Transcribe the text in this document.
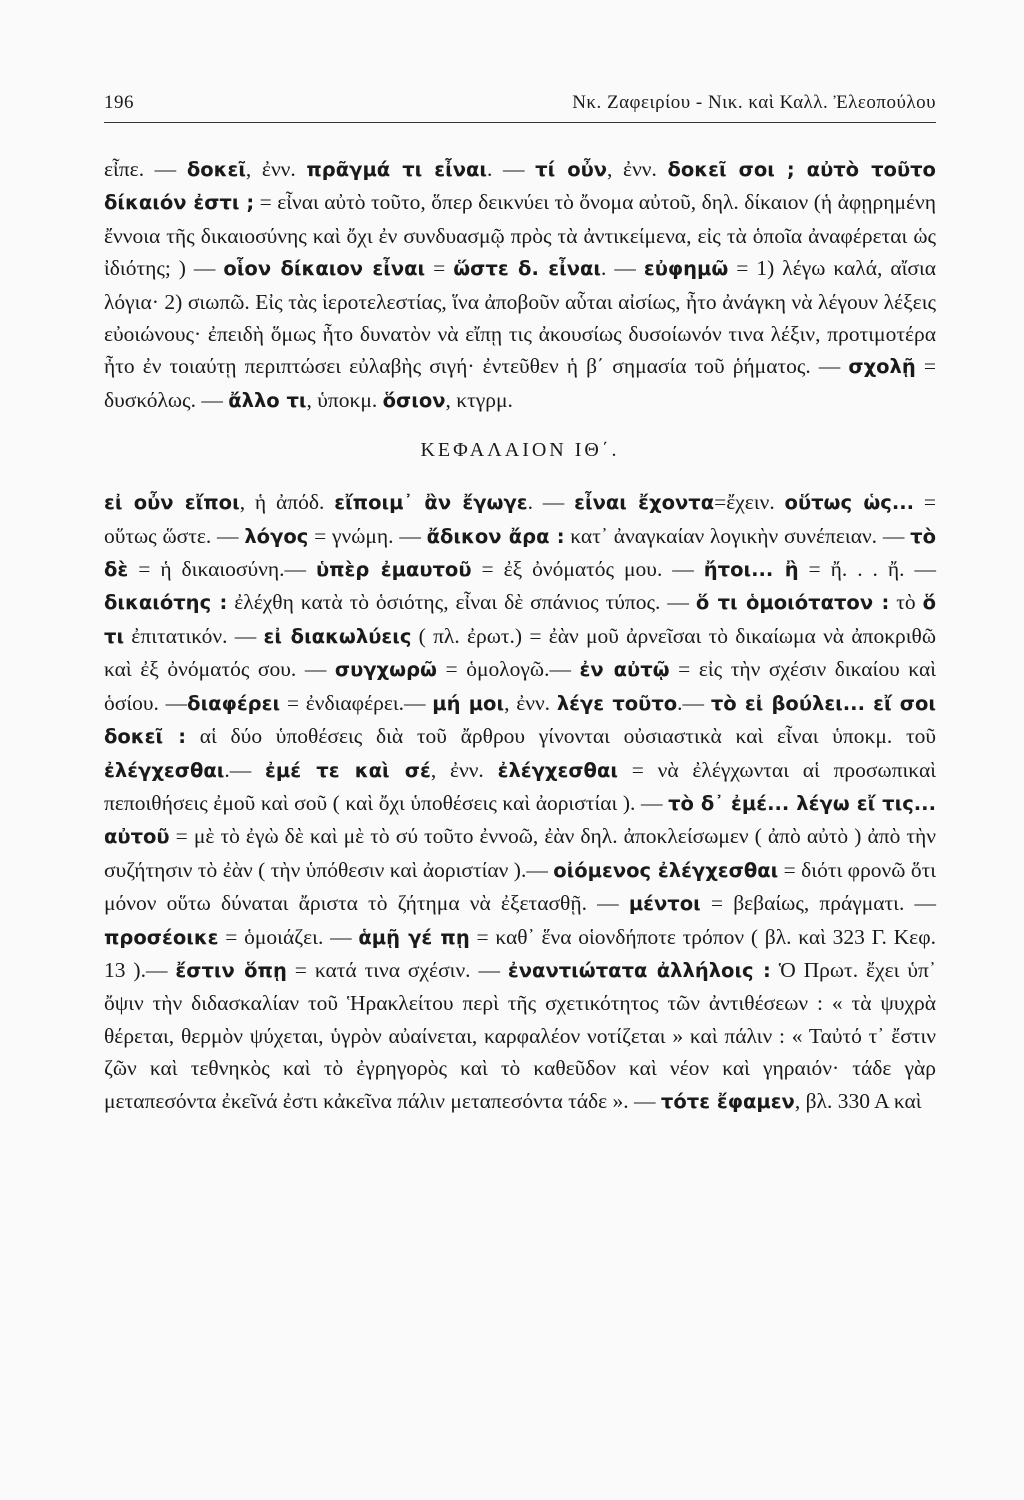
196	Νκ. Ζαφειρίου - Νικ. καὶ Καλλ. Ἐλεοπούλου

εἶπε. — δοκεῖ, ἐνν. πρᾶγμά τι εἶναι. — τί οὖν, ἐνν. δοκεῖ σοι ; αὐτὸ τοῦτο δίκαιόν ἐστι ; = εἶναι αὐτὸ τοῦτο, ὅπερ δεικνύει τὸ ὄνομα αὐτοῦ, δηλ. δίκαιον (ἡ ἀφῃρημένη ἔννοια τῆς δικαιοσύνης καὶ ὄχι ἐν συνδυασμῷ πρὸς τὰ ἀντικείμενα, εἰς τὰ ὁποῖα ἀναφέρεται ὡς ἰδιότης; ) — οἷον δίκαιον εἶναι = ὥστε δ. εἶναι. — εὐφημῶ = 1) λέγω καλά, αἴσια λόγια· 2) σιωπῶ. Εἰς τὰς ἱεροτελεστίας, ἵνα ἀποβοῦν αὗται αἰσίως, ἦτο ἀνάγκη νὰ λέγουν λέξεις εὐοιώνους· ἐπειδὴ ὅμως ἦτο δυνατὸν νὰ εἴπῃ τις ἀκουσίως δυσοίωνόν τινα λέξιν, προτιμοτέρα ἦτο ἐν τοιαύτῃ περιπτώσει εὐλαβὴς σιγή· ἐντεῦθεν ἡ β΄ σημασία τοῦ ῥήματος. — σχολῇ = δυσκόλως. — ἄλλο τι, ὑποκμ. ὅσιον, κτγρμ.

ΚΕΦΑΛΑΙΟΝ ΙΘ΄.

εἰ οὖν εἴποι, ἡ ἀπόδ. εἴποιμ᾽ ἂν ἔγωγε. — εἶναι ἔχοντα=ἔχειν. οὕτως ὡς... = οὕτως ὥστε. — λόγος = γνώμη. — ἄδικον ἄρα : κατ᾽ ἀναγκαίαν λογικὴν συνέπειαν. — τὸ δὲ = ἡ δικαιοσύνη.— ὑπὲρ ἐμαυτοῦ = ἐξ ὀνόματός μου. — ἤτοι... ἢ = ἤ. . . ἤ. — δικαιότης : ἐλέχθη κατὰ τὸ ὁσιότης, εἶναι δὲ σπάνιος τύπος. — ὅ τι ὁμοιότατον : τὸ ὅ τι ἐπιτατικόν. — εἰ διακωλύεις ( πλ. ἐρωτ.) = ἐὰν μοῦ ἀρνεῖσαι τὸ δικαίωμα νὰ ἀποκριθῶ καὶ ἐξ ὀνόματός σου. — συγχωρῶ = ὁμολογῶ.— ἐν αὐτῷ = εἰς τὴν σχέσιν δικαίου καὶ ὁσίου. —διαφέρει = ἐνδιαφέρει.— μή μοι, ἐνν. λέγε τοῦτο.— τὸ εἰ βούλει... εἴ σοι δοκεῖ : αἱ δύο ὑποθέσεις διὰ τοῦ ἄρθρου γίνονται οὐσιαστικὰ καὶ εἶναι ὑποκμ. τοῦ ἐλέγχεσθαι.— ἐμέ τε καὶ σέ, ἐνν. ἐλέγχεσθαι = νὰ ἐλέγχωνται αἱ προσωπικαὶ πεποιθήσεις ἐμοῦ καὶ σοῦ ( καὶ ὄχι ὑποθέσεις καὶ ἀοριστίαι ). — τὸ δ᾽ ἐμέ... λέγω εἴ τις... αὐτοῦ = μὲ τὸ ἐγὼ δὲ καὶ μὲ τὸ σύ τοῦτο ἐννοῶ, ἐὰν δηλ. ἀποκλείσωμεν ( ἀπὸ αὐτὸ ) ἀπὸ τὴν συζήτησιν τὸ ἐὰν ( τὴν ὑπόθεσιν καὶ ἀοριστίαν ).— οἰόμενος ἐλέγχεσθαι = διότι φρονῶ ὅτι μόνον οὕτω δύναται ἄριστα τὸ ζήτημα νὰ ἐξετασθῇ. — μέντοι = βεβαίως, πράγματι. — προσέοικε = ὁμοιάζει. — ἁμῇ γέ πῃ = καθ᾽ ἕνα οἱονδήποτε τρόπον ( βλ. καὶ 323 Γ. Κεφ. 13 ).— ἔστιν ὅπῃ = κατά τινα σχέσιν. — ἐναντιώτατα ἀλλήλοις : Ὁ Πρωτ. ἔχει ὑπ᾽ ὄψιν τὴν διδασκαλίαν τοῦ Ἡρακλείτου περὶ τῆς σχετικότητος τῶν ἀντιθέσεων : « τὰ ψυχρὰ θέρεται, θερμὸν ψύχεται, ὑγρὸν αὐαίνεται, καρφαλέον νοτίζεται » καὶ πάλιν : « Ταὐτό τ᾽ ἔστιν ζῶν καὶ τεθνηκὸς καὶ τὸ ἐγρηγορὸς καὶ τὸ καθεῦδον καὶ νέον καὶ γηραιόν· τάδε γὰρ μεταπεσόντα ἐκεῖνά ἐστι κἀκεῖνα πάλιν μεταπεσόντα τάδε ». — τότε ἔφαμεν, βλ. 330 Α καὶ
